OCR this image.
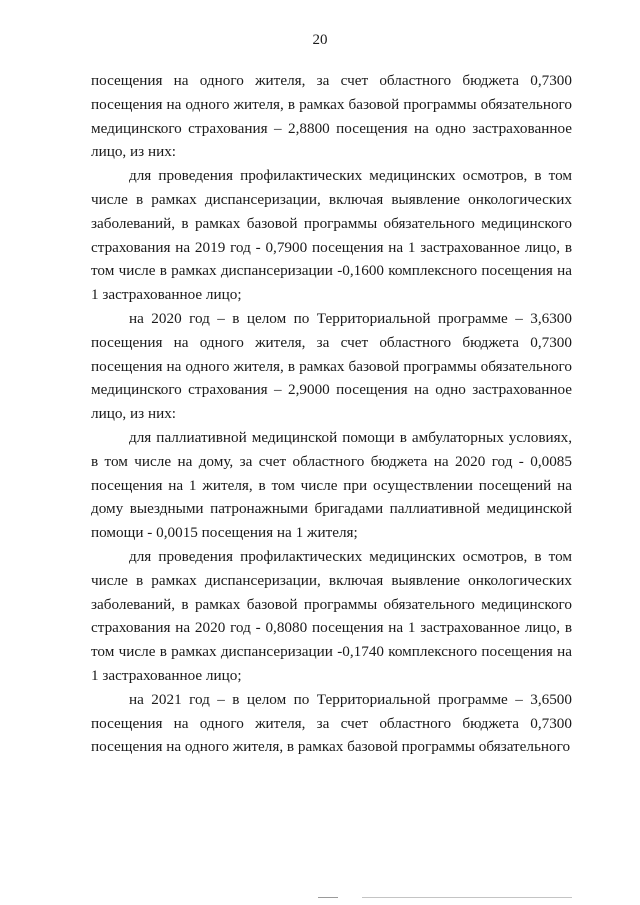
20

посещения на одного жителя, за счет областного бюджета 0,7300 посещения на одного жителя, в рамках базовой программы обязательного медицинского страхования – 2,8800 посещения на одно застрахованное лицо, из них:

для проведения профилактических медицинских осмотров, в том числе в рамках диспансеризации, включая выявление онкологических заболеваний, в рамках базовой программы обязательного медицинского страхования на 2019 год - 0,7900 посещения на 1 застрахованное лицо, в том числе в рамках диспансеризации -0,1600 комплексного посещения на 1 застрахованное лицо;

на 2020 год – в целом по Территориальной программе – 3,6300 посещения на одного жителя, за счет областного бюджета 0,7300 посещения на одного жителя, в рамках базовой программы обязательного медицинского страхования – 2,9000 посещения на одно застрахованное лицо, из них:

для паллиативной медицинской помощи в амбулаторных условиях, в том числе на дому, за счет областного бюджета на 2020 год - 0,0085 посещения на 1 жителя, в том числе при осуществлении посещений на дому выездными патронажными бригадами паллиативной медицинской помощи - 0,0015 посещения на 1 жителя;

для проведения профилактических медицинских осмотров, в том числе в рамках диспансеризации, включая выявление онкологических заболеваний, в рамках базовой программы обязательного медицинского страхования на 2020 год - 0,8080 посещения на 1 застрахованное лицо, в том числе в рамках диспансеризации -0,1740 комплексного посещения на 1 застрахованное лицо;

на 2021 год – в целом по Территориальной программе – 3,6500 посещения на одного жителя, за счет областного бюджета 0,7300 посещения на одного жителя, в рамках базовой программы обязательного
